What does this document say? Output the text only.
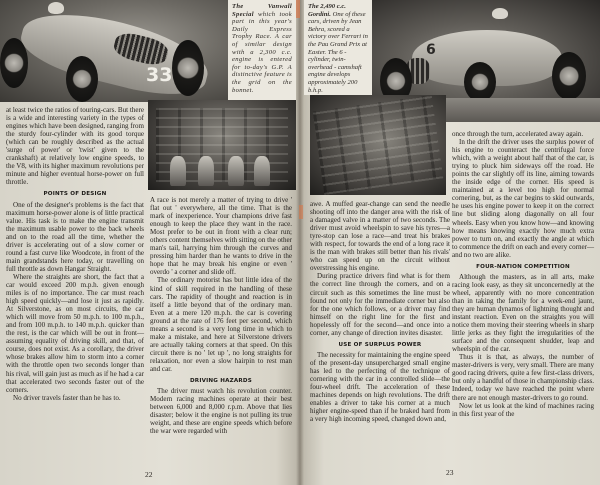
33
The Vanwall Special which took part in this year's Daily Express Trophy Race. A car of similar design with a 2,300 c.c. engine is entered for to-day's G.P. A distinctive feature is the grid on the bonnet.

at least twice the ratios of touring-cars. But there is a wide and interesting variety in the types of engines which have been designed, ranging from the sturdy four-cylinder with its good torque (which can be roughly described as the actual 'surge of power' or 'twist' given to the crankshaft) at relatively low engine speeds, to the V8, with its higher maximum revolutions per minute and higher eventual horse-power on full throttle.

POINTS OF DESIGN

One of the designer's problems is the fact that maximum horse-power alone is of little practical value. His task is to make the engine transmit the maximum usable power to the back wheels and on to the road all the time, whether the driver is accelerating out of a slow corner or round a fast curve like Woodcote, in front of the main grandstands here today, or travelling on full throttle as down Hangar Straight.

Where the straights are short, the fact that a car would exceed 200 m.p.h. given enough miles is of no importance. The car must reach high speed quickly—and lose it just as rapidly. At Silverstone, as on most circuits, the car which will move from 50 m.p.h. to 100 m.p.h., and from 100 m.p.h. to 140 m.p.h. quicker than the rest, is the car which will be out in front—assuming equality of driving skill, and that, of course, does not exist. As a corollary, the driver whose brakes allow him to storm into a corner with the throttle open two seconds longer than his rival, will gain just as much as if he had a car that accelerated two seconds faster out of the corners.

No driver travels faster than he has to.

A race is not merely a matter of trying to drive ' flat out ' everywhere, all the time. That is the mark of inexperience. Your champions drive fast enough to keep the place they want in the race. Most prefer to be out in front with a clear run; others content themselves with sitting on the other man's tail, harrying him through the curves and pressing him harder than he wants to drive in the hope that he may break his engine or even ' overdo ' a corner and slide off.

The ordinary motorist has but little idea of the kind of skill required in the handling of these cars. The rapidity of thought and reaction is in itself a little beyond that of the ordinary man. Even at a mere 120 m.p.h. the car is covering ground at the rate of 176 feet per second, which means a second is a very long time in which to make a mistake, and here at Silverstone drivers are actually taking corners at that speed. On this circuit there is no ' let up ', no long straights for relaxation, nor even a slow hairpin to rest man and car.

DRIVING HAZARDS

The driver must watch his revolution counter. Modern racing machines operate at their best between 6,000 and 8,000 r.p.m. Above that lies disaster; below it the engine is not pulling its true weight, and these are engine speeds which before the war were regarded with

22
The 2,490 c.c. Gordini. One of these cars, driven by Jean Behra, scored a victory over Ferrari in the Pau Grand Prix at Easter. The 6 - cylinder, twin-overhead - camshaft engine develops approximately 200 b.h.p.
6

awe. A muffed gear-change can send the needle shooting off into the danger area with the risk of a damaged valve in a matter of two seconds. The driver must avoid wheelspin to save his tyres—a tyre-stop can lose a race—and treat his brakes with respect, for towards the end of a long race it is the man with brakes still better than his rivals' who can speed up on the circuit without overstressing his engine.

During practice drivers find what is for them the correct line through the corners, and on a circuit such as this sometimes the line must be found not only for the immediate corner but also for the one which follows, or a driver may find himself on the right line for the first and hopelessly off for the second—and once into a corner, any change of direction invites disaster.

USE OF SURPLUS POWER

The necessity for maintaining the engine speed of the present-day unsupercharged small engine has led to the perfecting of the technique of cornering with the car in a controlled slide—the four-wheel drift. The acceleration of these machines depends on high revolutions. The drift enables a driver to take his corner at a much higher engine-speed than if he braked hard from a very high incoming speed, changed down and,

once through the turn, accelerated away again.

In the drift the driver uses the surplus power of his engine to counteract the centrifugal force which, with a weight about half that of the car, is trying to pluck him sideways off the road. He points the car slightly off its line, aiming towards the inside edge of the corner. His speed is maintained at a level too high for normal cornering, but, as the car begins to skid outwards, he uses his engine power to keep it on the correct line but sliding along diagonally on all four wheels. Easy when you know how—and knowing how means knowing exactly how much extra power to turn on, and exactly the angle at which to commence the drift on each and every corner—and no two are alike.

FOUR-NATION COMPETITION

Although the masters, as in all arts, make racing look easy, as they sit unconcernedly at the wheel, apparently with no more concentration than in taking the family for a week-end jaunt, they are human dynamos of lightning thought and instant reaction. Even on the straights you will notice them moving their steering wheels in sharp little jerks as they fight the irregularities of the surface and the consequent shudder, leap and wheelspin of the car.

Thus it is that, as always, the number of master-drivers is very, very small. There are many good racing drivers, quite a few first-class drivers, but only a handful of those in championship class. Indeed, today we have reached the point where there are not enough master-drivers to go round.

Now let us look at the kind of machines racing in this first year of the

23
